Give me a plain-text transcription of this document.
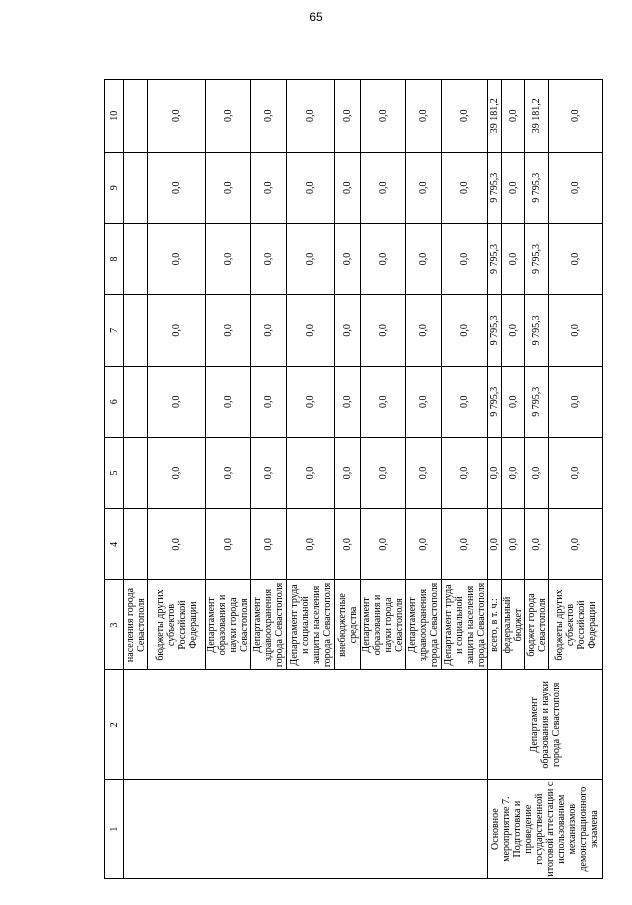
65
1	2	3	4	5	6	7	8	9	10
		населения города Севастополя							
		бюджеты других субъектов Российской Федерации	0,0	0,0	0,0	0,0	0,0	0,0	0,0
		Департамент образования и науки города Севастополя	0,0	0,0	0,0	0,0	0,0	0,0	0,0
		Департамент здравоохранения города Севастополя	0,0	0,0	0,0	0,0	0,0	0,0	0,0
		Департамент труда и социальной защиты населения города Севастополя	0,0	0,0	0,0	0,0	0,0	0,0	0,0
		внебюджетные средства	0,0	0,0	0,0	0,0	0,0	0,0	0,0
		Департамент образования и науки города Севастополя	0,0	0,0	0,0	0,0	0,0	0,0	0,0
		Департамент здравоохранения города Севастополя	0,0	0,0	0,0	0,0	0,0	0,0	0,0
		Департамент труда и социальной защиты населения города Севастополя	0,0	0,0	0,0	0,0	0,0	0,0	0,0
Основное мероприятие 7. Подготовка и проведение государственной итоговой аттестации с использованием механизмов демонстрационного экзамена	Департамент образования и науки города Севастополя	всего, в т. ч.:	0,0	0,0	9 795,3	9 795,3	9 795,3	9 795,3	39 181,2
		федеральный бюджет	0,0	0,0	0,0	0,0	0,0	0,0	0,0
		бюджет города Севастополя	0,0	0,0	9 795,3	9 795,3	9 795,3	9 795,3	39 181,2
		бюджеты других субъектов Российской Федерации	0,0	0,0	0,0	0,0	0,0	0,0	0,0
